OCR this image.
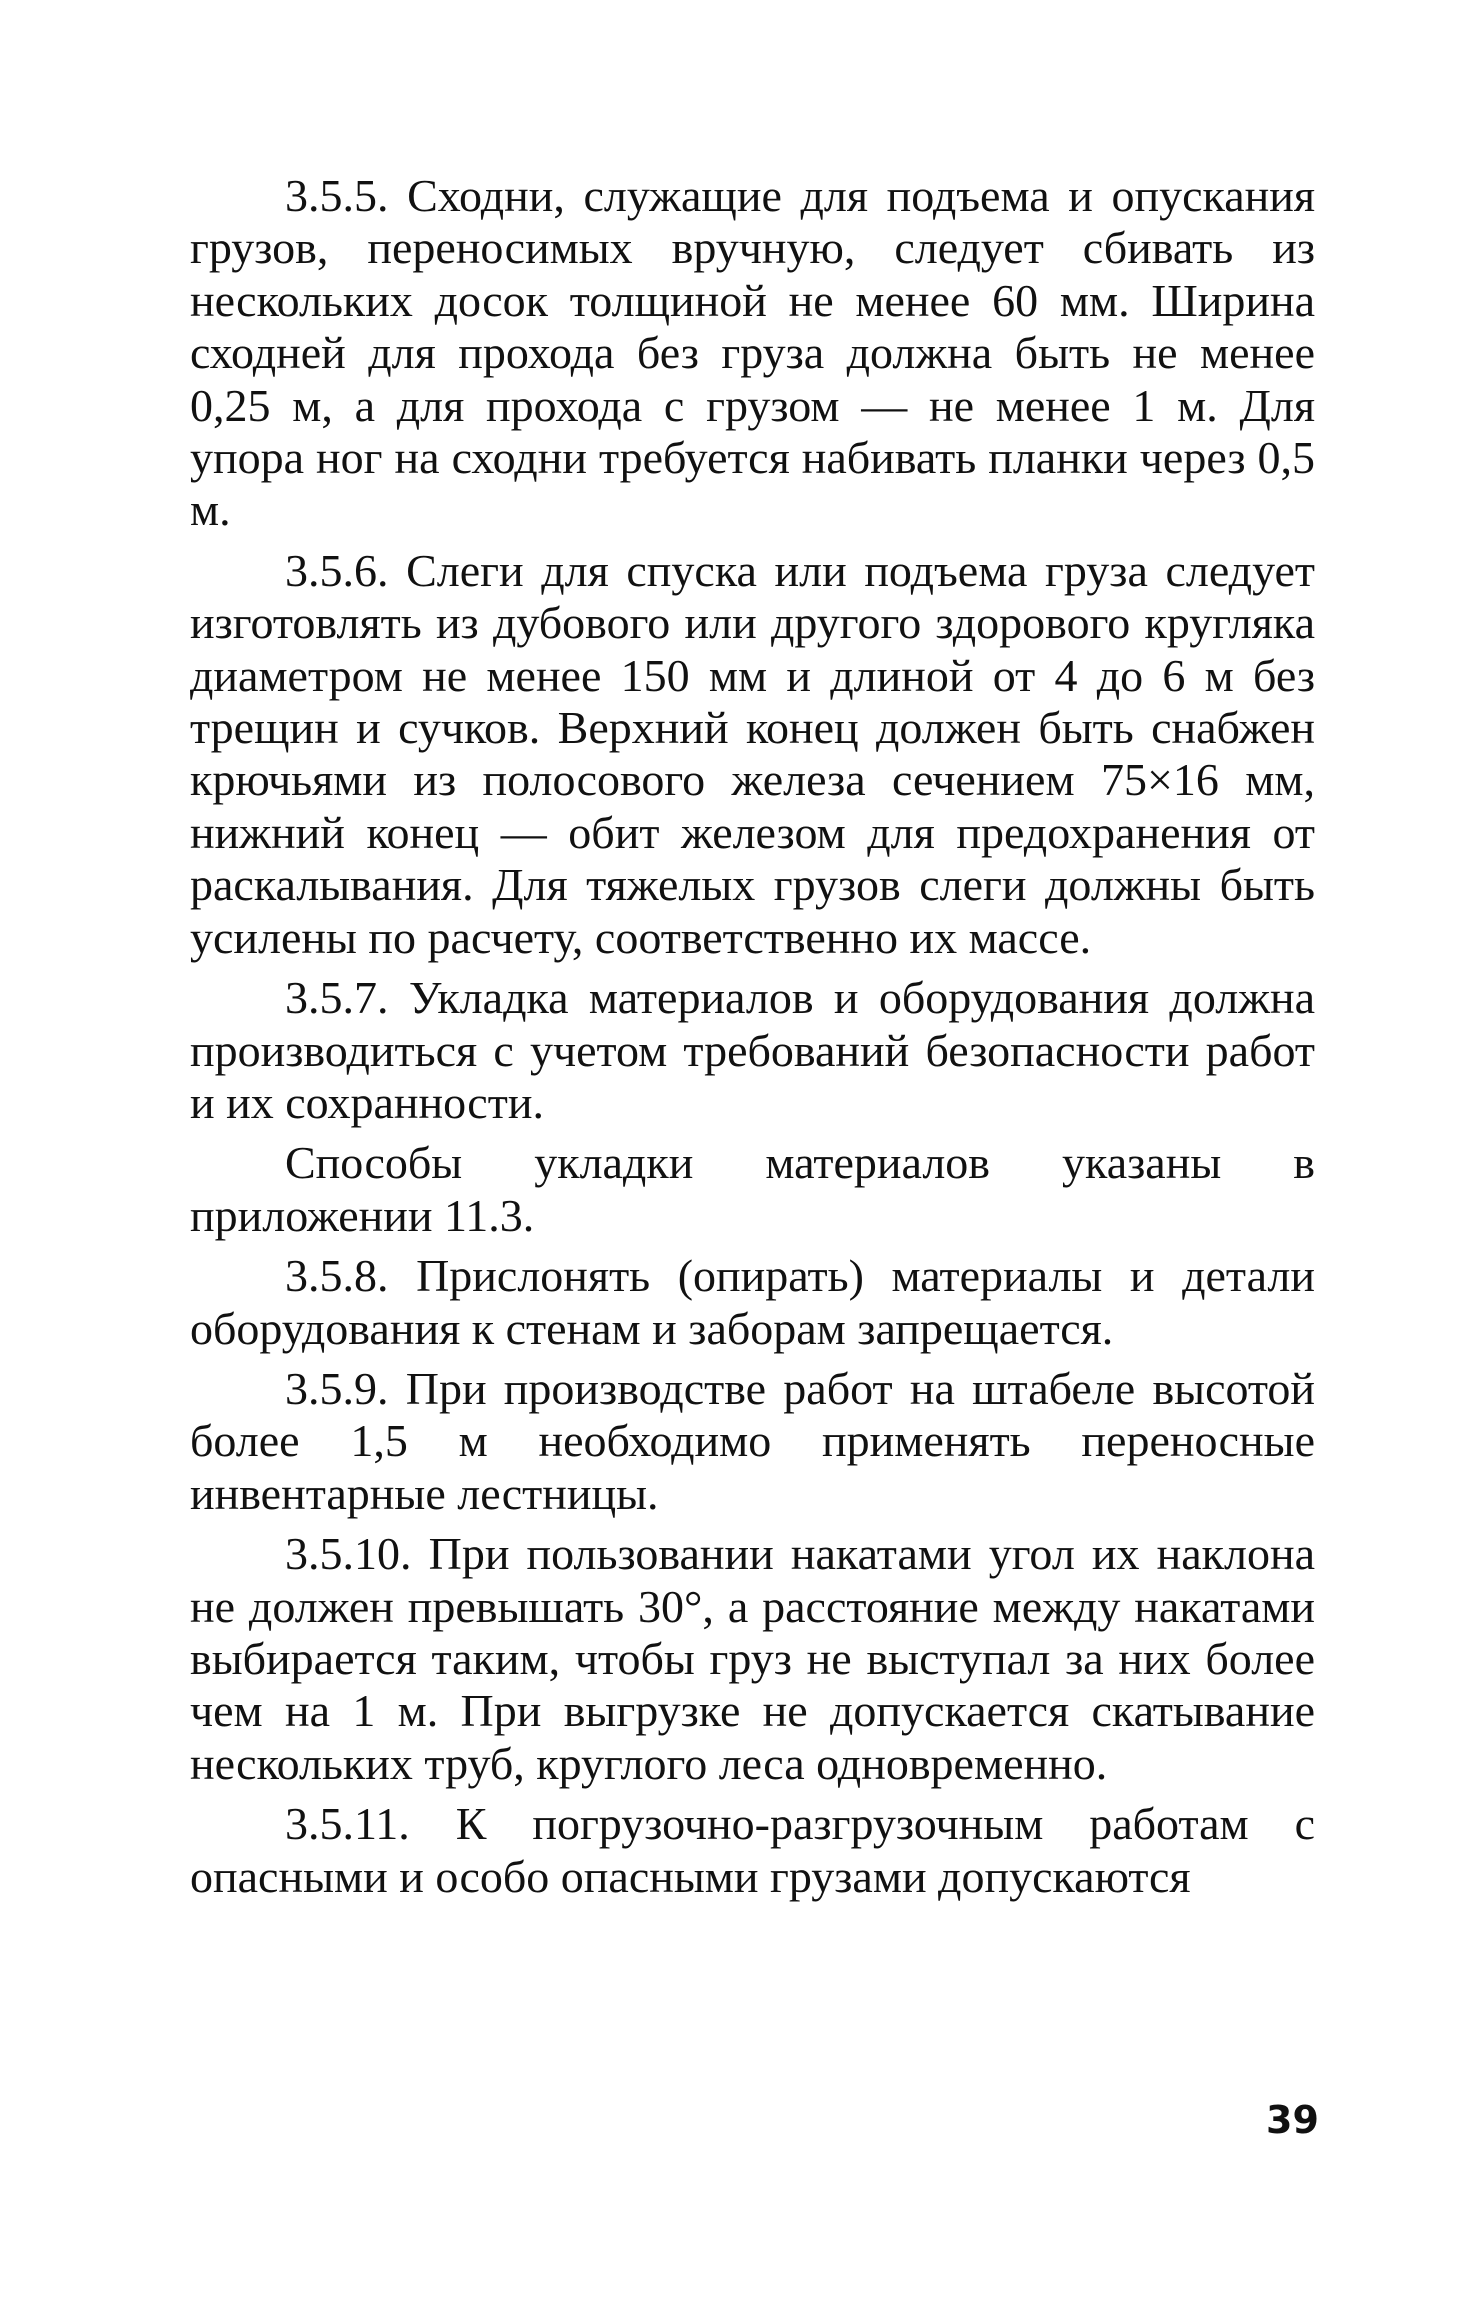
3.5.5. Сходни, служащие для подъема и опускания грузов, переносимых вручную, следует сбивать из нескольких досок толщиной не менее 60 мм. Ширина сходней для прохода без груза должна быть не менее 0,25 м, а для прохода с грузом — не менее 1 м. Для упора ног на сходни требуется набивать планки через 0,5 м.

3.5.6. Слеги для спуска или подъема груза следует изготовлять из дубового или другого здорового кругляка диаметром не менее 150 мм и длиной от 4 до 6 м без трещин и сучков. Верхний конец должен быть снабжен крючьями из полосового железа сечением 75×16 мм, нижний конец — обит железом для предохранения от раскалывания. Для тяжелых грузов слеги должны быть усилены по расчету, соответственно их массе.

3.5.7. Укладка материалов и оборудования должна производиться с учетом требований безопасности работ и их сохранности.

Способы укладки материалов указаны в приложении 11.3.

3.5.8. Прислонять (опирать) материалы и детали оборудования к стенам и заборам запрещается.

3.5.9. При производстве работ на штабеле высотой более 1,5 м необходимо применять переносные инвентарные лестницы.

3.5.10. При пользовании накатами угол их наклона не должен превышать 30°, а расстояние между накатами выбирается таким, чтобы груз не выступал за них более чем на 1 м. При выгрузке не допускается скатывание нескольких труб, круглого леса одновременно.

3.5.11. К погрузочно-разгрузочным работам с опасными и особо опасными грузами допускаются

39
